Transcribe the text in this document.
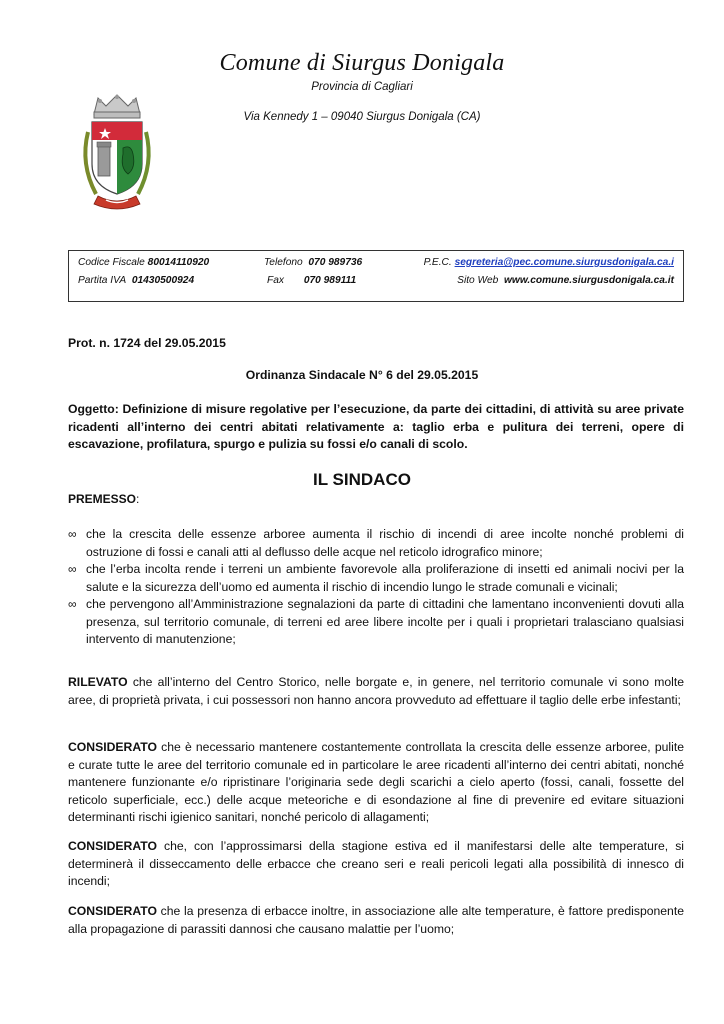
Comune di Siurgus Donigala
Provincia di Cagliari
Via Kennedy 1 – 09040 Siurgus Donigala (CA)
Codice Fiscale 80014110920
Partita IVA 01430500924
Telefono 070 989736
Fax 070 989111
P.E.C. segreteria@pec.comune.siurgusdonigala.ca.i
Sito Web www.comune.siurgusdonigala.ca.it
Prot. n. 1724 del 29.05.2015
Ordinanza Sindacale N° 6 del 29.05.2015
Oggetto: Definizione di misure regolative per l’esecuzione, da parte dei cittadini, di attività su aree private ricadenti all’interno dei centri abitati relativamente a: taglio erba e pulitura dei terreni, opere di escavazione, profilatura, spurgo e pulizia su fossi e/o canali di scolo.
IL SINDACO
PREMESSO:
∞ che la crescita delle essenze arboree aumenta il rischio di incendi di aree incolte nonché problemi di ostruzione di fossi e canali atti al deflusso delle acque nel reticolo idrografico minore;
∞ che l’erba incolta rende i terreni un ambiente favorevole alla proliferazione di insetti ed animali nocivi per la salute e la sicurezza dell’uomo ed aumenta il rischio di incendio lungo le strade comunali e vicinali;
∞ che pervengono all’Amministrazione segnalazioni da parte di cittadini che lamentano inconvenienti dovuti alla presenza, sul territorio comunale, di terreni ed aree libere incolte per i quali i proprietari tralasciano qualsiasi intervento di manutenzione;
RILEVATO che all’interno del Centro Storico, nelle borgate e, in genere, nel territorio comunale vi sono molte aree, di proprietà privata, i cui possessori non hanno ancora provveduto ad effettuare il taglio delle erbe infestanti;
CONSIDERATO che è necessario mantenere costantemente controllata la crescita delle essenze arboree, pulite e curate tutte le aree del territorio comunale ed in particolare le aree ricadenti all’interno dei centri abitati, nonché mantenere funzionante e/o ripristinare l’originaria sede degli scarichi a cielo aperto (fossi, canali, fossette del reticolo superficiale, ecc.) delle acque meteoriche e di esondazione al fine di prevenire ed evitare situazioni determinanti rischi igienico sanitari, nonché pericolo di allagamenti;
CONSIDERATO che, con l’approssimarsi della stagione estiva ed il manifestarsi delle alte temperature, si determinerà il disseccamento delle erbacce che creano seri e reali pericoli legati alla possibilità di innesco di incendi;
CONSIDERATO che la presenza di erbacce inoltre, in associazione alle alte temperature, è fattore predisponente alla propagazione di parassiti dannosi che causano malattie per l’uomo;
